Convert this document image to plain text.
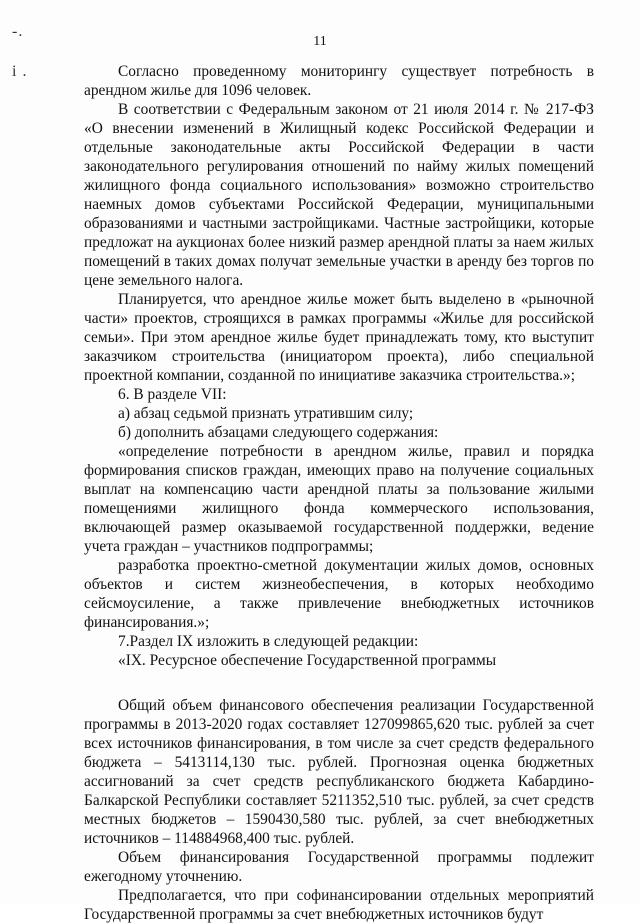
-.
i .
11

Согласно проведенному мониторингу существует потребность в арендном жилье для 1096 человек.

В соответствии с Федеральным законом от 21 июля 2014 г. № 217-ФЗ «О внесении изменений в Жилищный кодекс Российской Федерации и отдельные законодательные акты Российской Федерации в части законодательного регулирования отношений по найму жилых помещений жилищного фонда социального использования» возможно строительство наемных домов субъектами Российской Федерации, муниципальными образованиями и частными застройщиками. Частные застройщики, которые предложат на аукционах более низкий размер арендной платы за наем жилых помещений в таких домах получат земельные участки в аренду без торгов по цене земельного налога.

Планируется, что арендное жилье может быть выделено в «рыночной части» проектов, строящихся в рамках программы «Жилье для российской семьи». При этом арендное жилье будет принадлежать тому, кто выступит заказчиком строительства (инициатором проекта), либо специальной проектной компании, созданной по инициативе заказчика строительства.»;

6. В разделе VII:

а) абзац седьмой признать утратившим силу;

б) дополнить абзацами следующего содержания:

«определение потребности в арендном жилье, правил и порядка формирования списков граждан, имеющих право на получение социальных выплат на компенсацию части арендной платы за пользование жилыми помещениями жилищного фонда коммерческого использования, включающей размер оказываемой государственной поддержки, ведение учета граждан – участников подпрограммы;

разработка проектно-сметной документации жилых домов, основных объектов и систем жизнеобеспечения, в которых необходимо сейсмоусиление, а также привлечение внебюджетных источников финансирования.»;

7.Раздел IX изложить в следующей редакции:

«IX. Ресурсное обеспечение Государственной программы

Общий объем финансового обеспечения реализации Государственной программы в 2013-2020 годах составляет 127099865,620 тыс. рублей за счет всех источников финансирования, в том числе за счет средств федерального бюджета – 5413114,130 тыс. рублей. Прогнозная оценка бюджетных ассигнований за счет средств республиканского бюджета Кабардино-Балкарской Республики составляет 5211352,510 тыс. рублей, за счет средств местных бюджетов – 1590430,580 тыс. рублей, за счет внебюджетных источников – 114884968,400 тыс. рублей.

Объем финансирования Государственной программы подлежит ежегодному уточнению.

Предполагается, что при софинансировании отдельных мероприятий Государственной программы за счет внебюджетных источников будут
